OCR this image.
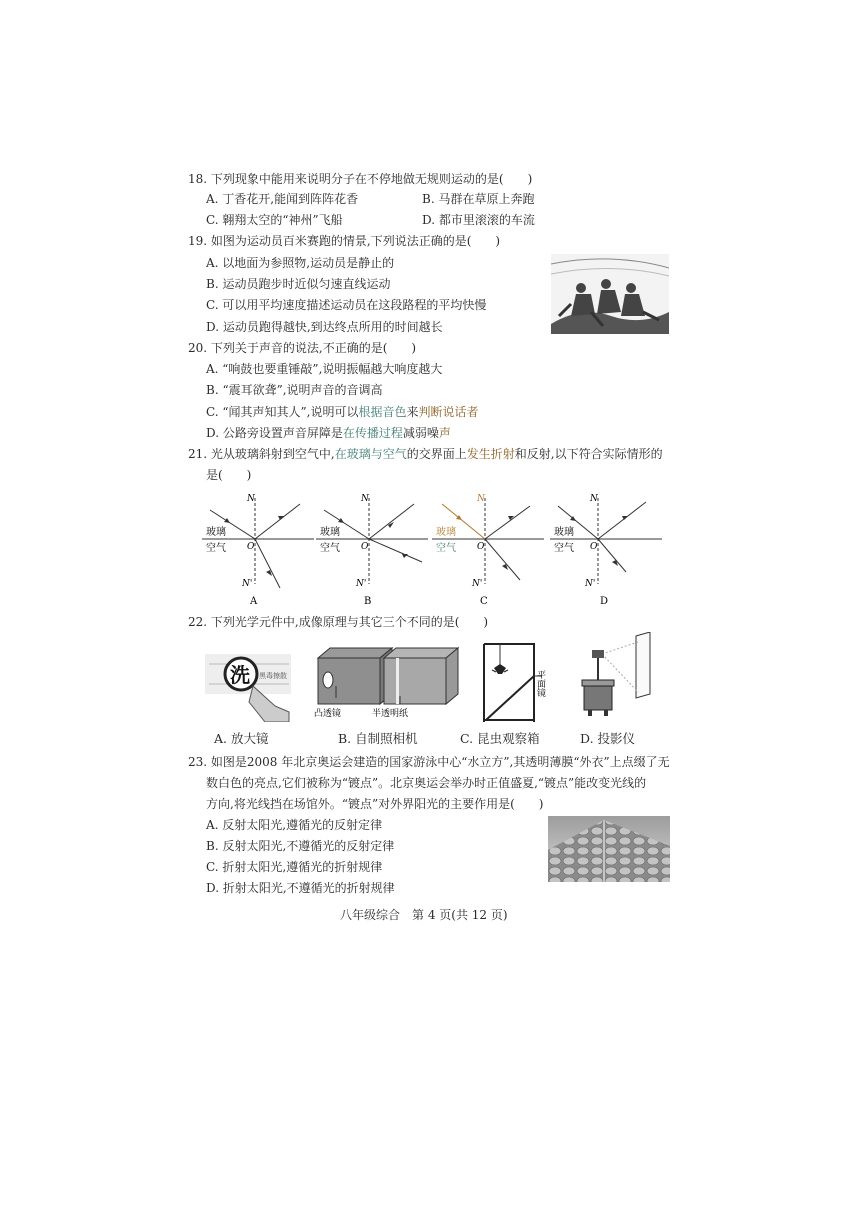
18. 下列现象中能用来说明分子在不停地做无规则运动的是(　　)
A. 丁香花开,能闻到阵阵花香	B. 马群在草原上奔跑
C. 翱翔太空的“神州”飞船	D. 都市里滚滚的车流
19. 如图为运动员百米赛跑的情景,下列说法正确的是(　　)
A. 以地面为参照物,运动员是静止的
B. 运动员跑步时近似匀速直线运动
C. 可以用平均速度描述运动员在这段路程的平均快慢
D. 运动员跑得越快,到达终点所用的时间越长
20. 下列关于声音的说法,不正确的是(　　)
A. “响鼓也要重锤敲”,说明振幅越大响度越大
B. “震耳欲聋”,说明声音的音调高
C. “闻其声知其人”,说明可以根据音色来判断说话者
D. 公路旁设置声音屏障是在传播过程减弱噪声
21. 光从玻璃斜射到空气中,在玻璃与空气的交界面上发生折射和反射,以下符合实际情形的
是(　　)
N
N'
O
玻璃
空气
A
N
N'
O
玻璃
空气
B
N
N'
O
玻璃
空气
C
N
N'
O
玻璃
空气
D
22. 下列光学元件中,成像原理与其它三个不同的是(　　)
洗 黑毒擦散
凸透镜	半透明纸
平面镜
A. 放大镜	B. 自制照相机	C. 昆虫观察箱	D. 投影仪
23. 如图是2008 年北京奥运会建造的国家游泳中心“水立方”,其透明薄膜“外衣”上点缀了无
数白色的亮点,它们被称为“镀点”。北京奥运会举办时正值盛夏,“镀点”能改变光线的
方向,将光线挡在场馆外。“镀点”对外界阳光的主要作用是(　　)
A. 反射太阳光,遵循光的反射定律
B. 反射太阳光,不遵循光的反射定律
C. 折射太阳光,遵循光的折射规律
D. 折射太阳光,不遵循光的折射规律
八年级综合　第 4 页(共 12 页)
